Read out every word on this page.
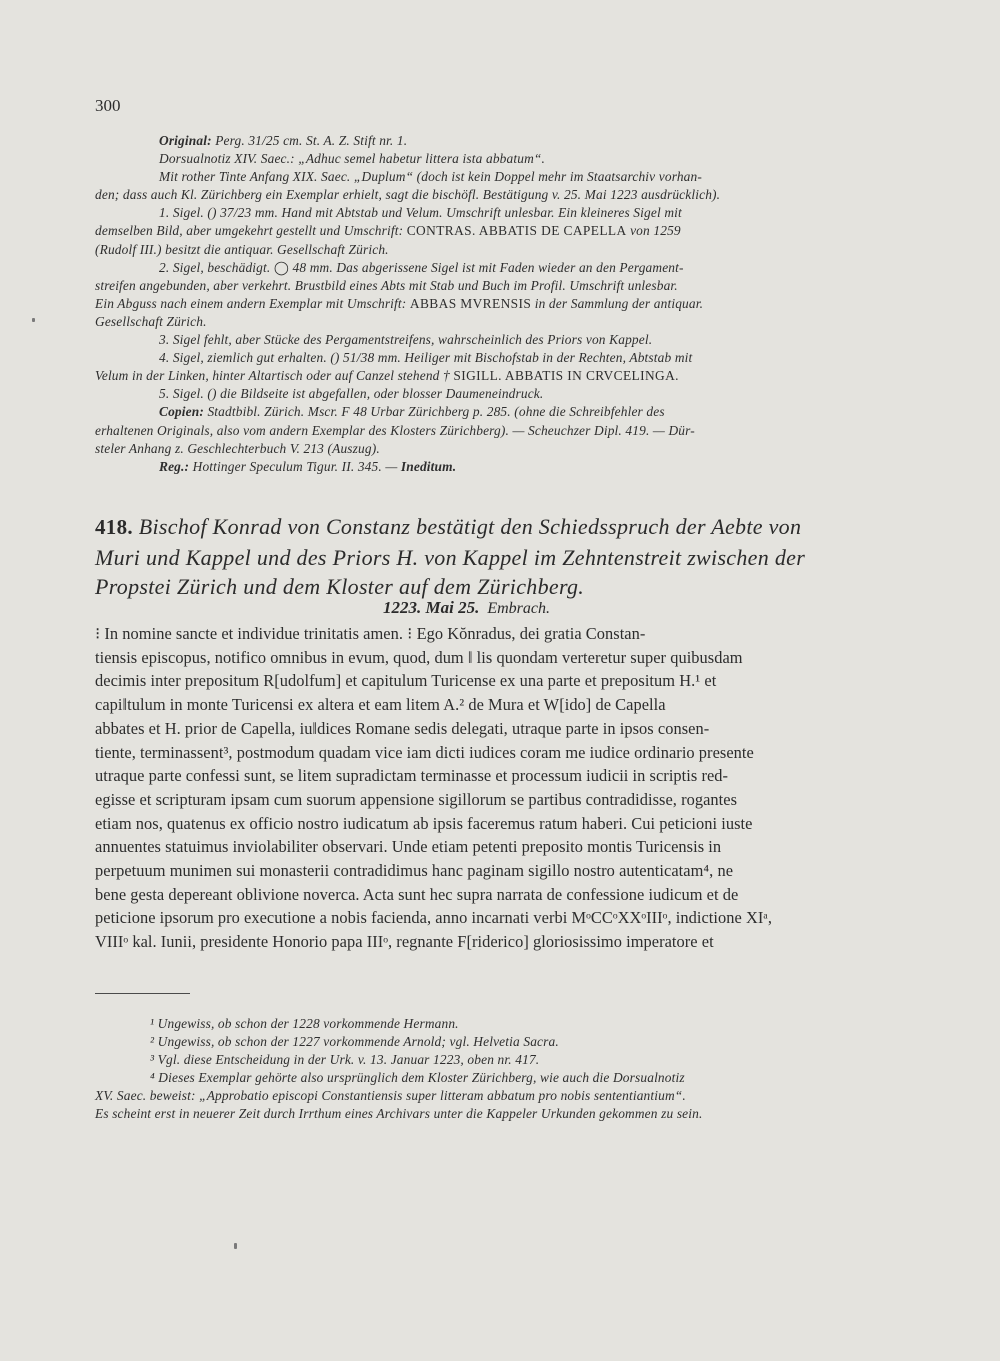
300
Original: Perg. 31/25 cm. St. A. Z. Stift nr. 1.
Dorsualnotiz XIV. Saec.: „Adhuc semel habetur littera ista abbatum“.
Mit rother Tinte Anfang XIX. Saec. „Duplum“ (doch ist kein Doppel mehr im Staatsarchiv vorhan-
den; dass auch Kl. Zürichberg ein Exemplar erhielt, sagt die bischöfl. Bestätigung v. 25. Mai 1223 ausdrücklich).
1. Sigel. () 37/23 mm. Hand mit Abtstab und Velum. Umschrift unlesbar. Ein kleineres Sigel mit
demselben Bild, aber umgekehrt gestellt und Umschrift: CONTRAS. ABBATIS DE CAPELLA von 1259
(Rudolf III.) besitzt die antiquar. Gesellschaft Zürich.
2. Sigel, beschädigt. ◯ 48 mm. Das abgerissene Sigel ist mit Faden wieder an den Pergament-
streifen angebunden, aber verkehrt. Brustbild eines Abts mit Stab und Buch im Profil. Umschrift unlesbar.
Ein Abguss nach einem andern Exemplar mit Umschrift: ABBAS MVRENSIS in der Sammlung der antiquar.
Gesellschaft Zürich.
3. Sigel fehlt, aber Stücke des Pergamentstreifens, wahrscheinlich des Priors von Kappel.
4. Sigel, ziemlich gut erhalten. () 51/38 mm. Heiliger mit Bischofstab in der Rechten, Abtstab mit
Velum in der Linken, hinter Altartisch oder auf Canzel stehend † SIGILL. ABBATIS IN CRVCELINGA.
5. Sigel. () die Bildseite ist abgefallen, oder blosser Daumeneindruck.
Copien: Stadtbibl. Zürich. Mscr. F 48 Urbar Zürichberg p. 285. (ohne die Schreibfehler des
erhaltenen Originals, also vom andern Exemplar des Klosters Zürichberg). — Scheuchzer Dipl. 419. — Dür-
steler Anhang z. Geschlechterbuch V. 213 (Auszug).
Reg.: Hottinger Speculum Tigur. II. 345. — Ineditum.
418. Bischof Konrad von Constanz bestätigt den Schiedsspruch der Aebte von
Muri und Kappel und des Priors H. von Kappel im Zehntenstreit zwischen der
Propstei Zürich und dem Kloster auf dem Zürichberg.
1223. Mai 25. Embrach.
⁝ In nomine sancte et individue trinitatis amen. ⁝ Ego Kŏnradus, dei gratia Constan-
tiensis episcopus, notifico omnibus in evum, quod, dum ‖ lis quondam verteretur super quibusdam
decimis inter prepositum R[udolfum] et capitulum Turicense ex una parte et prepositum H.¹ et
capi‖tulum in monte Turicensi ex altera et eam litem A.² de Mura et W[ido] de Capella
abbates et H. prior de Capella, iu‖dices Romane sedis delegati, utraque parte in ipsos consen-
tiente, terminassent³, postmodum quadam vice iam dicti iudices coram me iudice ordinario presente
utraque parte confessi sunt, se litem supradictam terminasse et processum iudicii in scriptis red-
egisse et scripturam ipsam cum suorum appensione sigillorum se partibus contradidisse, rogantes
etiam nos, quatenus ex officio nostro iudicatum ab ipsis faceremus ratum haberi. Cui peticioni iuste
annuentes statuimus inviolabiliter observari. Unde etiam petenti preposito montis Turicensis in
perpetuum munimen sui monasterii contradidimus hanc paginam sigillo nostro autenticatam⁴, ne
bene gesta depereant oblivione noverca. Acta sunt hec supra narrata de confessione iudicum et de
peticione ipsorum pro executione a nobis facienda, anno incarnati verbi MᵒCCᵒXXᵒIIIᵒ, indictione XIᵃ,
VIIIᵒ kal. Iunii, presidente Honorio papa IIIᵒ, regnante F[riderico] gloriosissimo imperatore et
¹ Ungewiss, ob schon der 1228 vorkommende Hermann.
² Ungewiss, ob schon der 1227 vorkommende Arnold; vgl. Helvetia Sacra.
³ Vgl. diese Entscheidung in der Urk. v. 13. Januar 1223, oben nr. 417.
⁴ Dieses Exemplar gehörte also ursprünglich dem Kloster Zürichberg, wie auch die Dorsualnotiz
XV. Saec. beweist: „Approbatio episcopi Constantiensis super litteram abbatum pro nobis sententiantium“.
Es scheint erst in neuerer Zeit durch Irrthum eines Archivars unter die Kappeler Urkunden gekommen zu sein.
